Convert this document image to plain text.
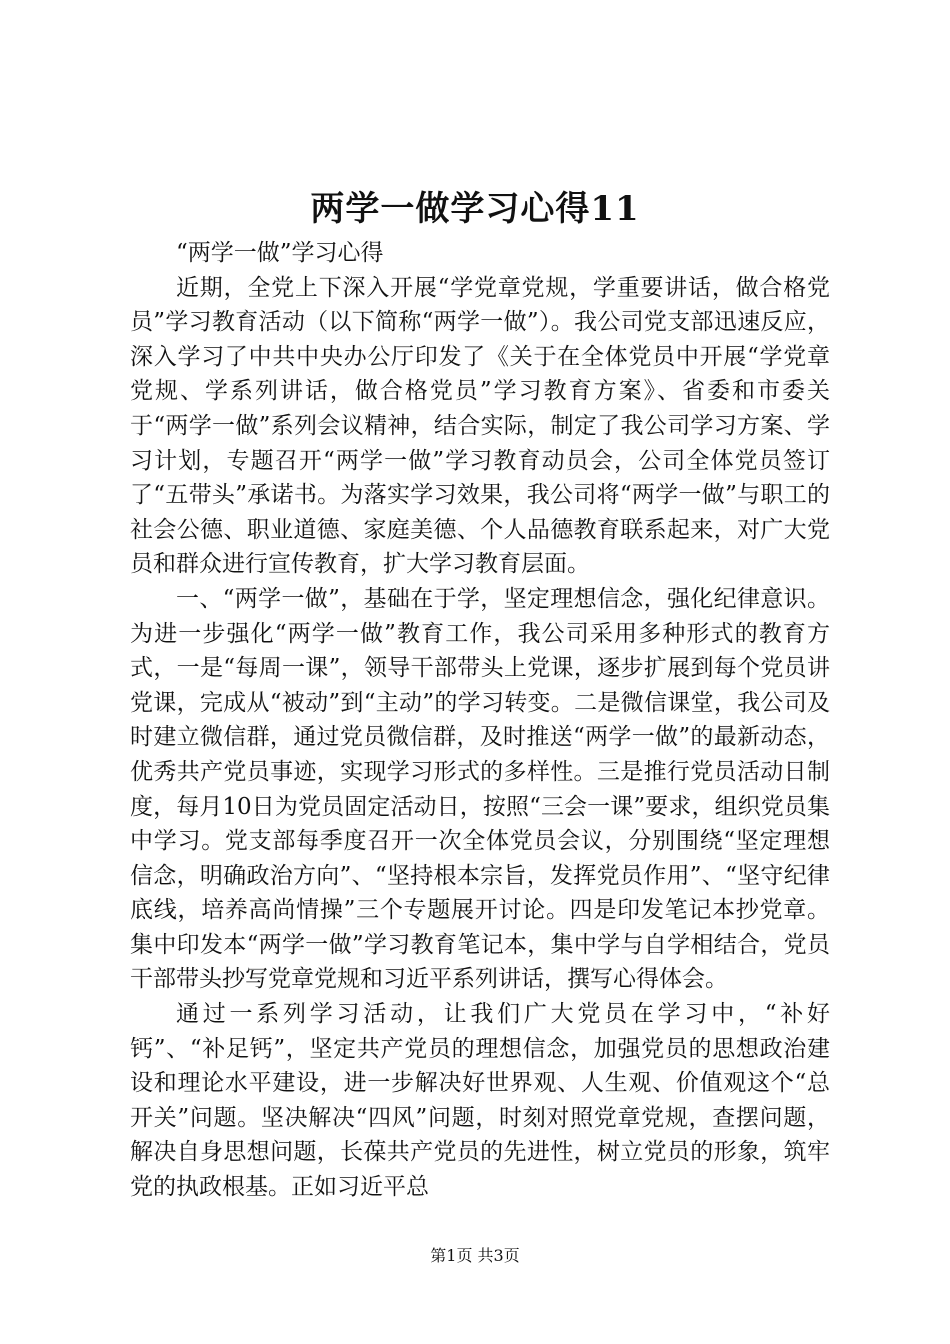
两学一做学习心得11

“两学一做”学习心得

近期，全党上下深入开展“学党章党规，学重要讲话，做合格党员”学习教育活动（以下简称“两学一做”）。我公司党支部迅速反应，深入学习了中共中央办公厅印发了《关于在全体党员中开展“学党章党规、学系列讲话，做合格党员”学习教育方案》、省委和市委关于“两学一做”系列会议精神，结合实际，制定了我公司学习方案、学习计划，专题召开“两学一做”学习教育动员会，公司全体党员签订了“五带头”承诺书。为落实学习效果，我公司将“两学一做”与职工的社会公德、职业道德、家庭美德、个人品德教育联系起来，对广大党员和群众进行宣传教育，扩大学习教育层面。

一、“两学一做”，基础在于学，坚定理想信念，强化纪律意识。为进一步强化“两学一做”教育工作，我公司采用多种形式的教育方式，一是“每周一课”，领导干部带头上党课，逐步扩展到每个党员讲党课，完成从“被动”到“主动”的学习转变。二是微信课堂，我公司及时建立微信群，通过党员微信群，及时推送“两学一做”的最新动态，优秀共产党员事迹，实现学习形式的多样性。三是推行党员活动日制度，每月10日为党员固定活动日，按照“三会一课”要求，组织党员集中学习。党支部每季度召开一次全体党员会议，分别围绕“坚定理想信念，明确政治方向”、“坚持根本宗旨，发挥党员作用”、“坚守纪律底线，培养高尚情操”三个专题展开讨论。四是印发笔记本抄党章。集中印发本“两学一做”学习教育笔记本，集中学与自学相结合，党员干部带头抄写党章党规和习近平系列讲话，撰写心得体会。

通过一系列学习活动，让我们广大党员在学习中，“补好钙”、“补足钙”，坚定共产党员的理想信念，加强党员的思想政治建设和理论水平建设，进一步解决好世界观、人生观、价值观这个“总开关”问题。坚决解决“四风”问题，时刻对照党章党规，查摆问题，解决自身思想问题，长葆共产党员的先进性，树立党员的形象，筑牢党的执政根基。正如习近平总

第1页 共3页
